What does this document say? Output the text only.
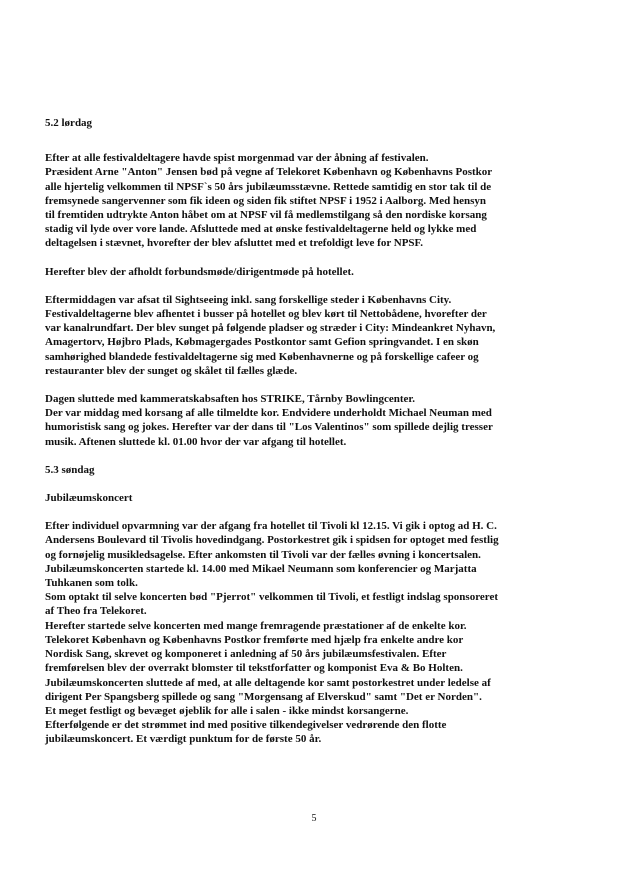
5.2 lørdag
Efter at alle festivaldeltagere havde spist morgenmad var der åbning af festivalen.
Præsident Arne "Anton" Jensen bød på vegne af Telekoret København og Københavns Postkor
alle hjertelig velkommen til NPSF`s 50 års jubilæumsstævne. Rettede samtidig en stor tak til de
fremsynede sangervenner som fik ideen og siden fik stiftet NPSF i 1952 i Aalborg. Med hensyn
til fremtiden udtrykte Anton håbet om at NPSF vil få medlemstilgang så den nordiske korsang
stadig vil lyde over vore lande. Afsluttede med at ønske festivaldeltagerne held og lykke med
deltagelsen i stævnet, hvorefter der blev afsluttet med et trefoldigt leve for NPSF.
Herefter blev der afholdt forbundsmøde/dirigentmøde på hotellet.
Eftermiddagen var afsat til Sightseeing inkl. sang forskellige steder i Københavns City.
Festivaldeltagerne blev afhentet i busser på hotellet og blev kørt til Nettobådene, hvorefter der
var kanalrundfart. Der blev sunget på følgende pladser og stræder i City: Mindeankret Nyhavn,
Amagertorv, Højbro Plads, Købmagergades Postkontor samt Gefion springvandet. I en skøn
samhørighed blandede festivaldeltagerne sig med Københavnerne og på forskellige cafeer og
restauranter blev der sunget og skålet til fælles glæde.
Dagen sluttede med kammeratskabsaften hos STRIKE, Tårnby Bowlingcenter.
Der var middag med korsang af alle tilmeldte kor. Endvidere underholdt Michael Neuman med
humoristisk sang og jokes. Herefter var der dans til "Los Valentinos" som spillede dejlig tresser
musik. Aftenen sluttede kl. 01.00 hvor der var afgang til hotellet.
5.3 søndag
Jubilæumskoncert
Efter individuel opvarmning var der afgang fra hotellet til Tivoli kl 12.15. Vi gik i optog ad H. C.
Andersens Boulevard til Tivolis hovedindgang. Postorkestret gik i spidsen for optoget med festlig
og fornøjelig musikledsagelse. Efter ankomsten til Tivoli var der fælles øvning i koncertsalen.
Jubilæumskoncerten startede kl. 14.00 med Mikael Neumann som konferencier og Marjatta
Tuhkanen som tolk.
Som optakt til selve koncerten bød "Pjerrot" velkommen til Tivoli, et festligt indslag sponsoreret
af Theo fra Telekoret.
Herefter startede selve koncerten med mange fremragende præstationer af de enkelte kor.
Telekoret København og Københavns Postkor fremførte med hjælp fra enkelte andre kor
Nordisk Sang, skrevet og komponeret i anledning af 50 års jubilæumsfestivalen. Efter
fremførelsen blev der overrakt blomster til tekstforfatter og komponist Eva & Bo Holten.
Jubilæumskoncerten sluttede af med, at alle deltagende kor samt postorkestret under ledelse af
dirigent Per Spangsberg spillede og sang "Morgensang af Elverskud" samt "Det er Norden".
Et meget festligt og bevæget øjeblik for alle i salen - ikke mindst korsangerne.
Efterfølgende er det strømmet ind med positive tilkendegivelser vedrørende den flotte
jubilæumskoncert. Et værdigt punktum for de første 50 år.
5
